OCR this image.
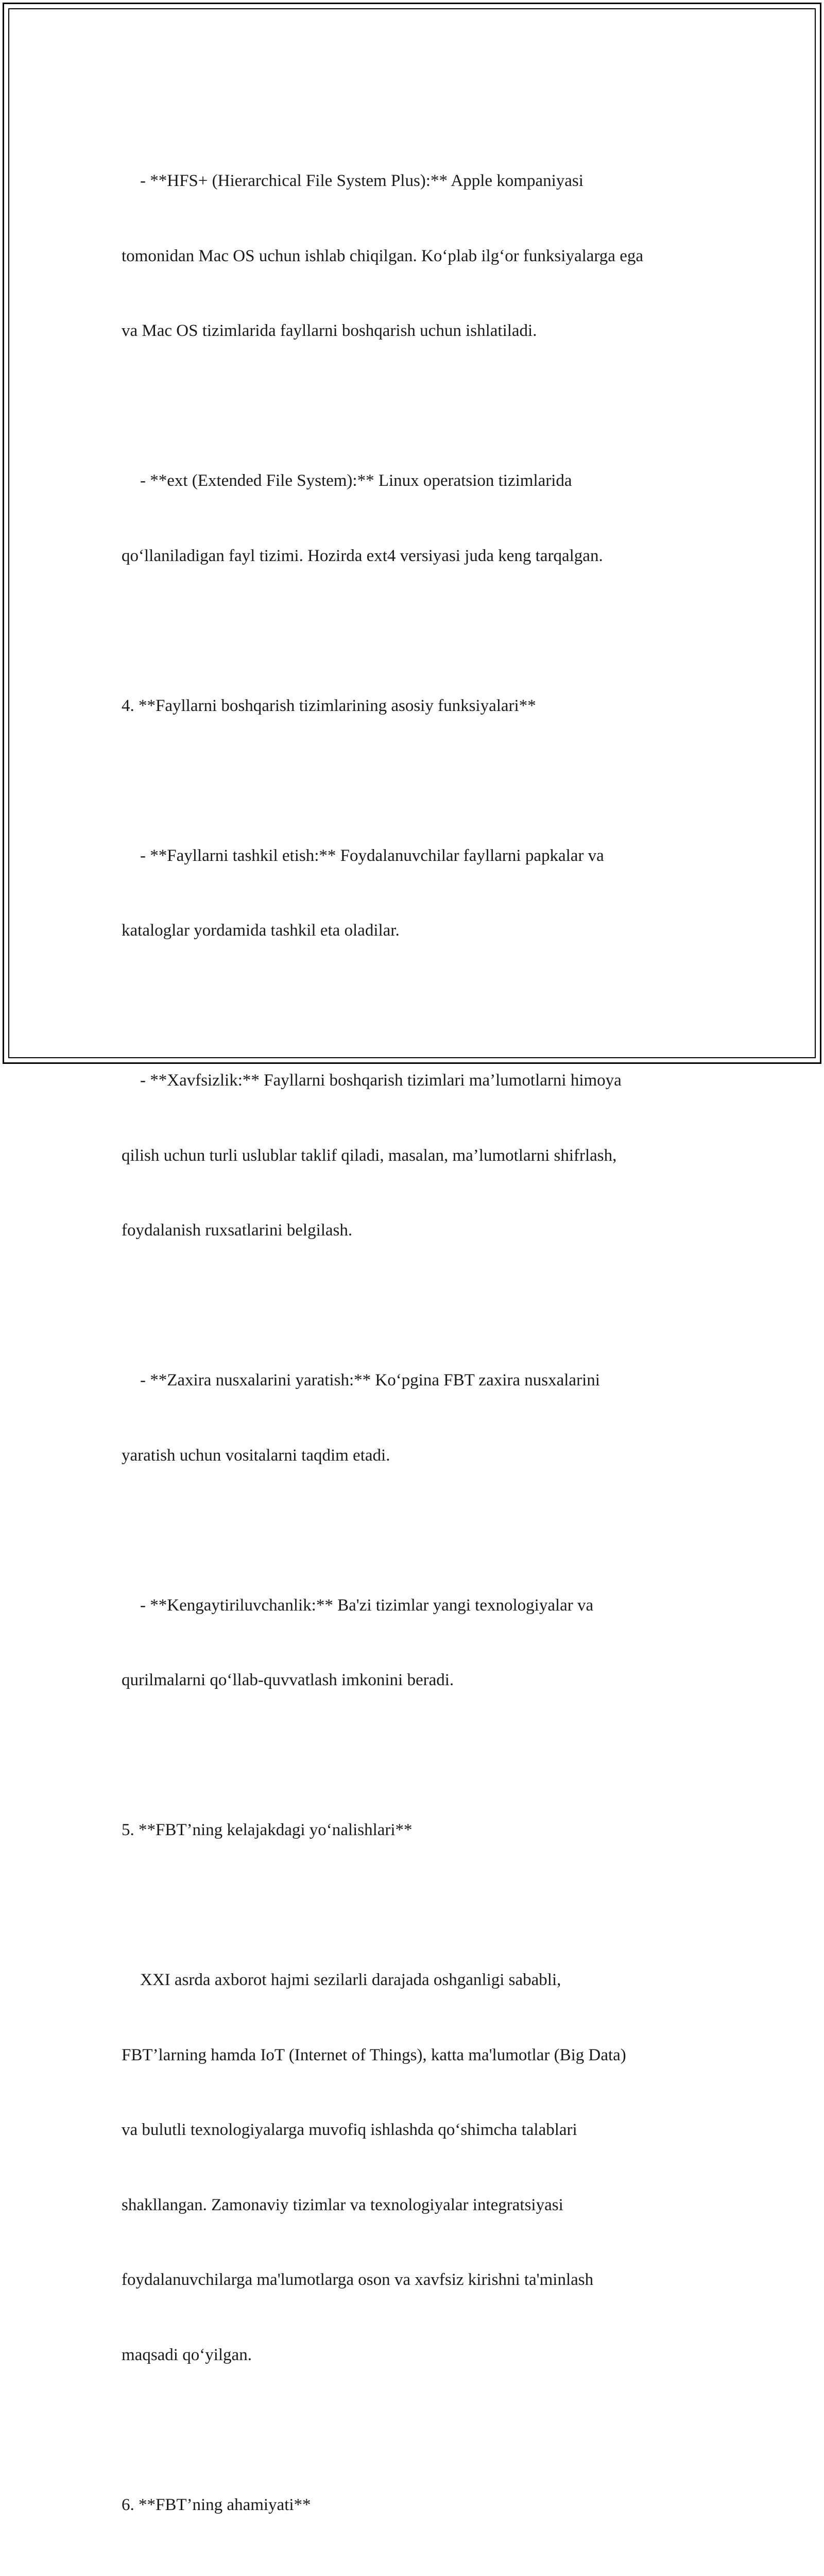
- **HFS+ (Hierarchical File System Plus):** Apple kompaniyasi

tomonidan Mac OS uchun ishlab chiqilgan. Ko‘plab ilg‘or funksiyalarga ega

va Mac OS tizimlarida fayllarni boshqarish uchun ishlatiladi.

- **ext (Extended File System):** Linux operatsion tizimlarida

qo‘llaniladigan fayl tizimi. Hozirda ext4 versiyasi juda keng tarqalgan.

4. **Fayllarni boshqarish tizimlarining asosiy funksiyalari**

- **Fayllarni tashkil etish:** Foydalanuvchilar fayllarni papkalar va

kataloglar yordamida tashkil eta oladilar.

- **Xavfsizlik:** Fayllarni boshqarish tizimlari ma’lumotlarni himoya

qilish uchun turli uslublar taklif qiladi, masalan, ma’lumotlarni shifrlash,

foydalanish ruxsatlarini belgilash.

- **Zaxira nusxalarini yaratish:** Ko‘pgina FBT zaxira nusxalarini

yaratish uchun vositalarni taqdim etadi.

- **Kengaytiriluvchanlik:** Ba'zi tizimlar yangi texnologiyalar va

qurilmalarni qo‘llab-quvvatlash imkonini beradi.

5. **FBT’ning kelajakdagi yo‘nalishlari**

XXI asrda axborot hajmi sezilarli darajada oshganligi sababli,

FBT’larning hamda IoT (Internet of Things), katta ma'lumotlar (Big Data)

va bulutli texnologiyalarga muvofiq ishlashda qo‘shimcha talablari

shakllangan. Zamonaviy tizimlar va texnologiyalar integratsiyasi

foydalanuvchilarga ma'lumotlarga oson va xavfsiz kirishni ta'minlash

maqsadi qo‘yilgan.

6. **FBT’ning ahamiyati**
